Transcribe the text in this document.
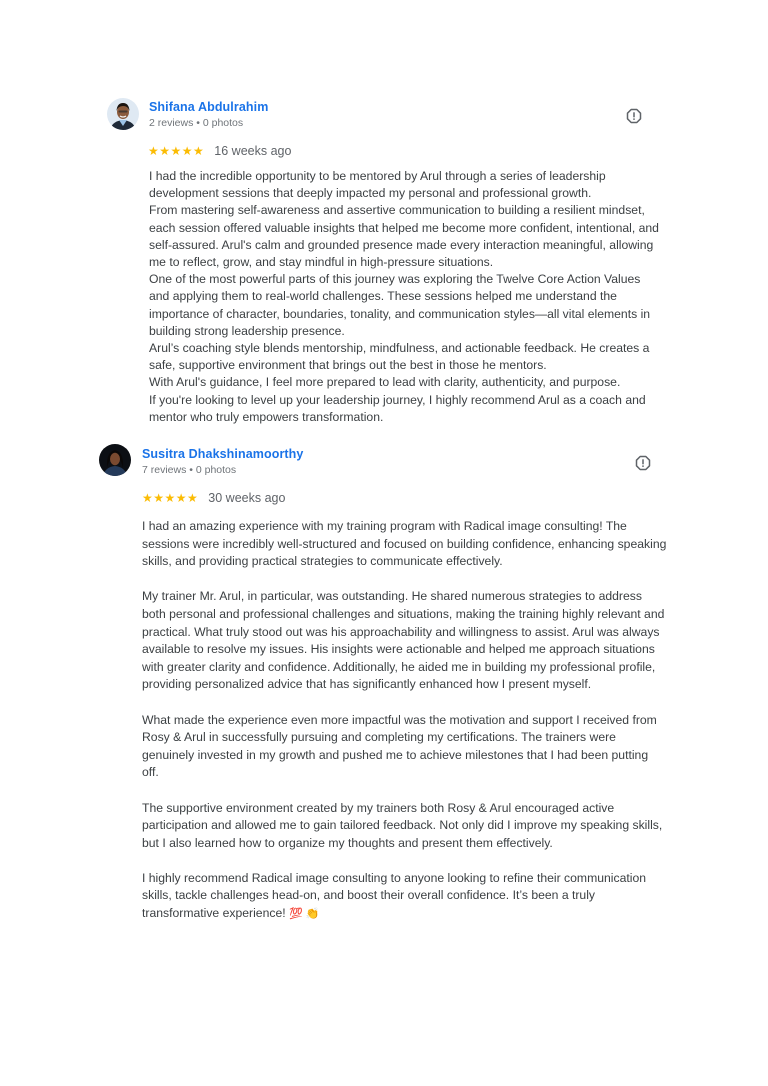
Shifana Abdulrahim
2 reviews • 0 photos
★★★★★ 16 weeks ago

I had the incredible opportunity to be mentored by Arul through a series of leadership development sessions that deeply impacted my personal and professional growth.

From mastering self-awareness and assertive communication to building a resilient mindset, each session offered valuable insights that helped me become more confident, intentional, and self-assured. Arul's calm and grounded presence made every interaction meaningful, allowing me to reflect, grow, and stay mindful in high-pressure situations.

One of the most powerful parts of this journey was exploring the Twelve Core Action Values and applying them to real-world challenges. These sessions helped me understand the importance of character, boundaries, tonality, and communication styles—all vital elements in building strong leadership presence.

Arul’s coaching style blends mentorship, mindfulness, and actionable feedback. He creates a safe, supportive environment that brings out the best in those he mentors.

With Arul's guidance, I feel more prepared to lead with clarity, authenticity, and purpose.

If you're looking to level up your leadership journey, I highly recommend Arul as a coach and mentor who truly empowers transformation.

Susitra Dhakshinamoorthy
7 reviews • 0 photos
★★★★★ 30 weeks ago

I had an amazing experience with my training program with Radical image consulting! The sessions were incredibly well-structured and focused on building confidence, enhancing speaking skills, and providing practical strategies to communicate effectively.

My trainer Mr. Arul, in particular, was outstanding. He shared numerous strategies to address both personal and professional challenges and situations, making the training highly relevant and practical. What truly stood out was his approachability and willingness to assist. Arul was always available to resolve my issues. His insights were actionable and helped me approach situations with greater clarity and confidence. Additionally, he aided me in building my professional profile, providing personalized advice that has significantly enhanced how I present myself.

What made the experience even more impactful was the motivation and support I received from Rosy & Arul in successfully pursuing and completing my certifications. The trainers were genuinely invested in my growth and pushed me to achieve milestones that I had been putting off.

The supportive environment created by my trainers both Rosy & Arul encouraged active participation and allowed me to gain tailored feedback. Not only did I improve my speaking skills, but I also learned how to organize my thoughts and present them effectively.

I highly recommend Radical image consulting to anyone looking to refine their communication skills, tackle challenges head-on, and boost their overall confidence. It’s been a truly transformative experience! 💯 👏
